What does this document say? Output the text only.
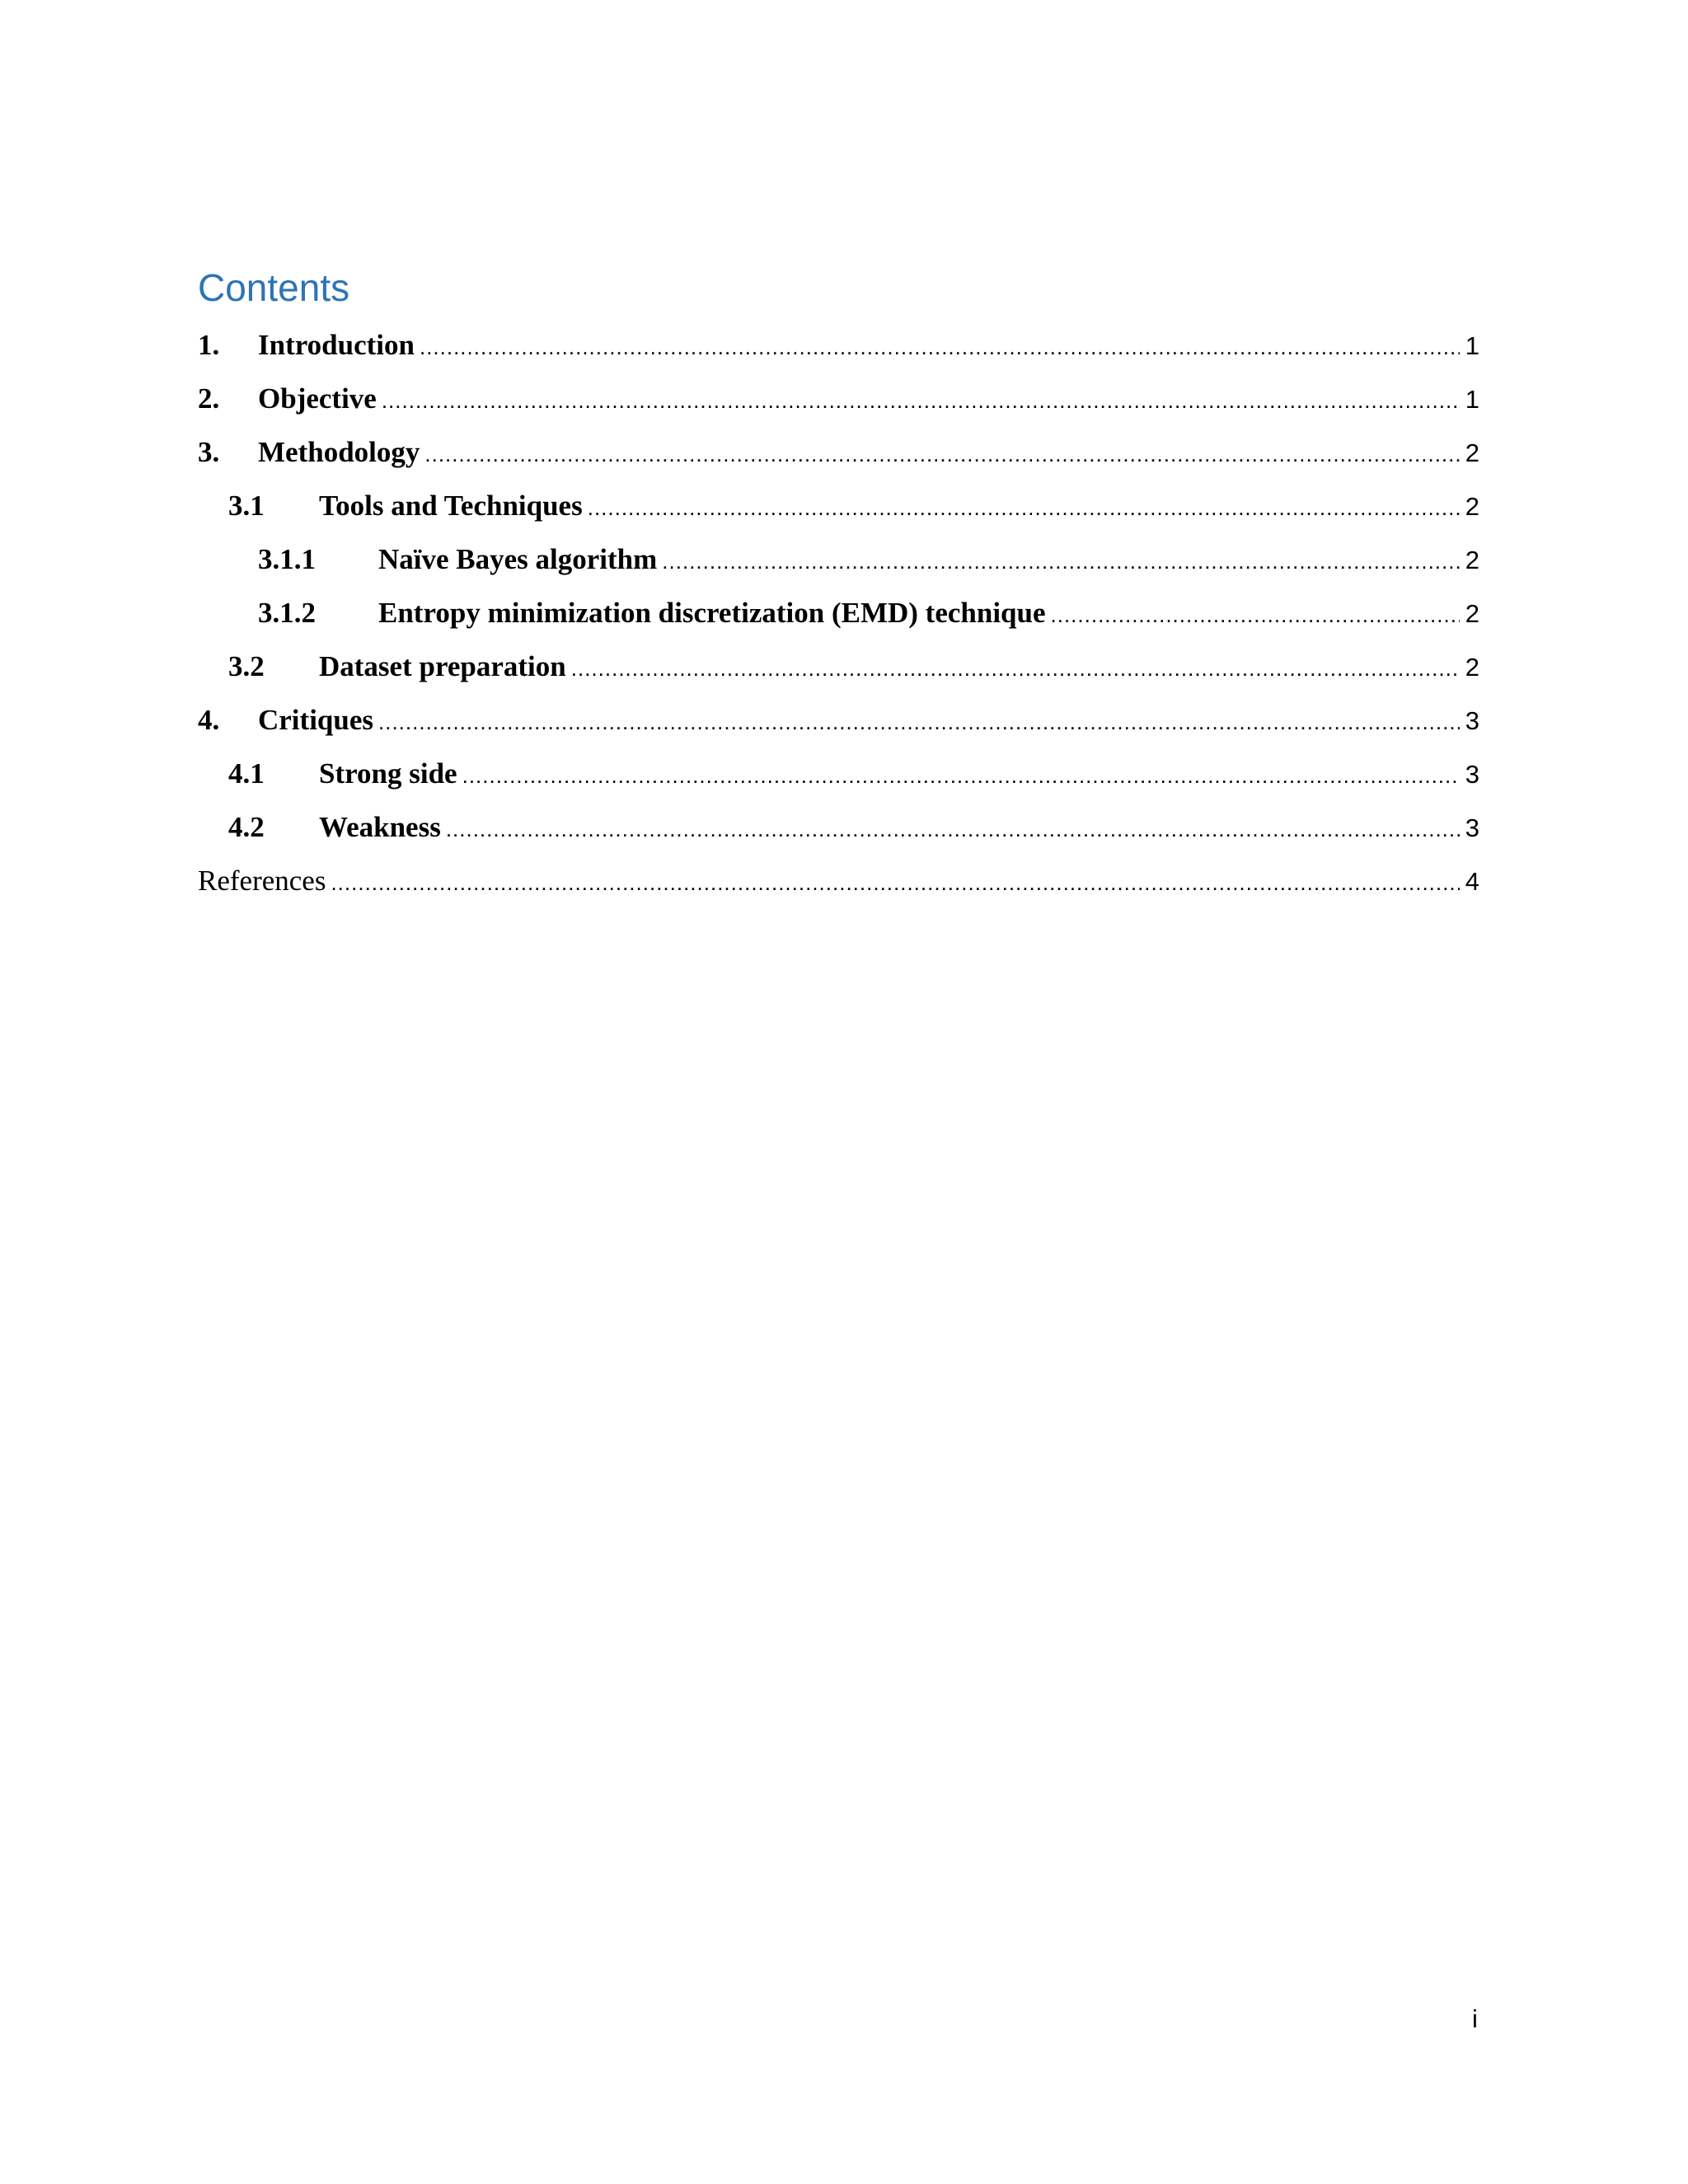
Contents
1.	Introduction .....	1
2.	Objective .....	1
3.	Methodology .....	2
3.1	Tools and Techniques .....	2
3.1.1	Naïve Bayes algorithm .....	2
3.1.2	Entropy minimization discretization (EMD) technique .....	2
3.2	Dataset preparation .....	2
4.	Critiques .....	3
4.1	Strong side .....	3
4.2	Weakness .....	3
References .....	4
i
